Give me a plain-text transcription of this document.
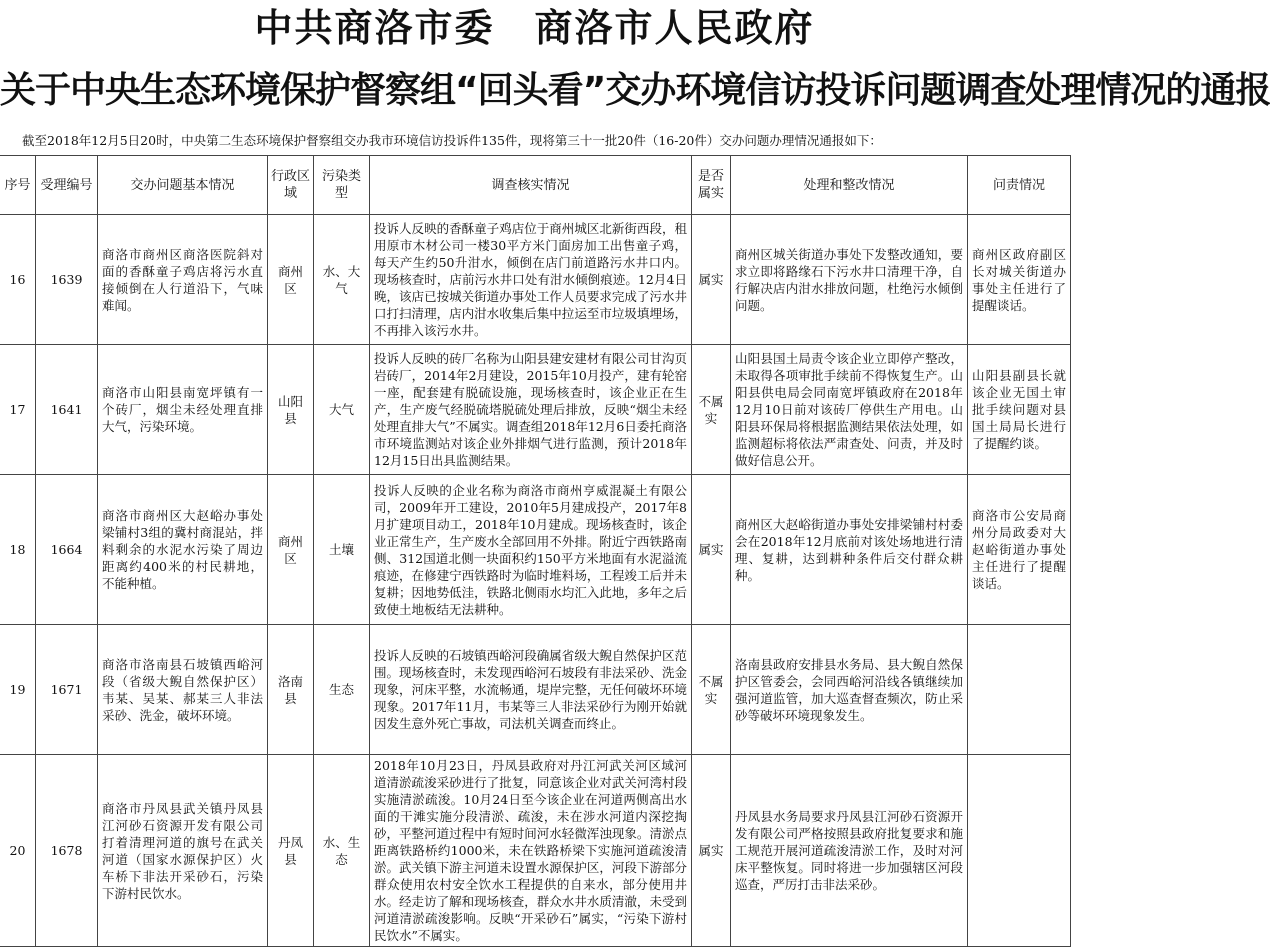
中共商洛市委　商洛市人民政府
关于中央生态环境保护督察组“回头看”交办环境信访投诉问题调查处理情况的通报
截至2018年12月5日20时，中央第二生态环境保护督察组交办我市环境信访投诉件135件，现将第三十一批20件（16-20件）交办问题办理情况通报如下：
序号	受理编号	交办问题基本情况	行政区域	污染类型	调查核实情况	是否属实	处理和整改情况	问责情况
16	1639	商洛市商州区商洛医院斜对面的香酥童子鸡店将污水直接倾倒在人行道沿下，气味难闻。	商州区	水、大气	投诉人反映的香酥童子鸡店位于商州城区北新街西段，租用原市木材公司一楼30平方米门面房加工出售童子鸡，每天产生约50升泔水，倾倒在店门前道路污水井口内。现场核查时，店前污水井口处有泔水倾倒痕迹。12月4日晚，该店已按城关街道办事处工作人员要求完成了污水井口打扫清理，店内泔水收集后集中拉运至市垃圾填埋场，不再排入该污水井。	属实	商州区城关街道办事处下发整改通知，要求立即将路缘石下污水井口清理干净，自行解决店内泔水排放问题，杜绝污水倾倒问题。	商州区政府副区长对城关街道办事处主任进行了提醒谈话。
17	1641	商洛市山阳县南宽坪镇有一个砖厂，烟尘未经处理直排大气，污染环境。	山阳县	大气	投诉人反映的砖厂名称为山阳县建安建材有限公司甘沟页岩砖厂，2014年2月建设，2015年10月投产，建有轮窑一座，配套建有脱硫设施，现场核查时，该企业正在生产，生产废气经脱硫塔脱硫处理后排放，反映“烟尘未经处理直排大气”不属实。调查组2018年12月6日委托商洛市环境监测站对该企业外排烟气进行监测，预计2018年12月15日出具监测结果。	不属实	山阳县国土局责令该企业立即停产整改，未取得各项审批手续前不得恢复生产。山阳县供电局会同南宽坪镇政府在2018年12月10日前对该砖厂停供生产用电。山阳县环保局将根据监测结果依法处理，如监测超标将依法严肃查处、问责，并及时做好信息公开。	山阳县副县长就该企业无国土审批手续问题对县国土局局长进行了提醒约谈。
18	1664	商洛市商州区大赵峪办事处梁铺村3组的冀村商混站，拌料剩余的水泥水污染了周边距离约400米的村民耕地，不能种植。	商州区	土壤	投诉人反映的企业名称为商洛市商州亨威混凝土有限公司，2009年开工建设，2010年5月建成投产，2017年8月扩建项目动工，2018年10月建成。现场核查时，该企业正常生产，生产废水全部回用不外排。附近宁西铁路南侧、312国道北侧一块面积约150平方米地面有水泥溢流痕迹，在修建宁西铁路时为临时堆料场，工程竣工后并未复耕；因地势低洼，铁路北侧雨水均汇入此地，多年之后致使土地板结无法耕种。	属实	商州区大赵峪街道办事处安排梁铺村村委会在2018年12月底前对该处场地进行清理、复耕，达到耕种条件后交付群众耕种。	商洛市公安局商州分局政委对大赵峪街道办事处主任进行了提醒谈话。
19	1671	商洛市洛南县石坡镇西峪河段（省级大鲵自然保护区）韦某、吴某、郝某三人非法采砂、洗金，破坏环境。	洛南县	生态	投诉人反映的石坡镇西峪河段确属省级大鲵自然保护区范围。现场核查时，未发现西峪河石坡段有非法采砂、洗金现象，河床平整，水流畅通，堤岸完整，无任何破坏环境现象。2017年11月，韦某等三人非法采砂行为刚开始就因发生意外死亡事故，司法机关调查而终止。	不属实	洛南县政府安排县水务局、县大鲵自然保护区管委会，会同西峪河沿线各镇继续加强河道监管，加大巡查督查频次，防止采砂等破坏环境现象发生。	
20	1678	商洛市丹凤县武关镇丹凤县江河砂石资源开发有限公司打着清理河道的旗号在武关河道（国家水源保护区）火车桥下非法开采砂石，污染下游村民饮水。	丹凤县	水、生态	2018年10月23日，丹凤县政府对丹江河武关河区域河道清淤疏浚采砂进行了批复，同意该企业对武关河湾村段实施清淤疏浚。10月24日至今该企业在河道两侧高出水面的干滩实施分段清淤、疏浚，未在涉水河道内深挖掏砂，平整河道过程中有短时间河水轻微浑浊现象。清淤点距离铁路桥约1000米，未在铁路桥梁下实施河道疏浚清淤。武关镇下游主河道未设置水源保护区，河段下游部分群众使用农村安全饮水工程提供的自来水，部分使用井水。经走访了解和现场核查，群众水井水质清澈，未受到河道清淤疏浚影响。反映“开采砂石”属实，“污染下游村民饮水”不属实。	属实	丹凤县水务局要求丹凤县江河砂石资源开发有限公司严格按照县政府批复要求和施工规范开展河道疏浚清淤工作，及时对河床平整恢复。同时将进一步加强辖区河段巡查，严厉打击非法采砂。	
